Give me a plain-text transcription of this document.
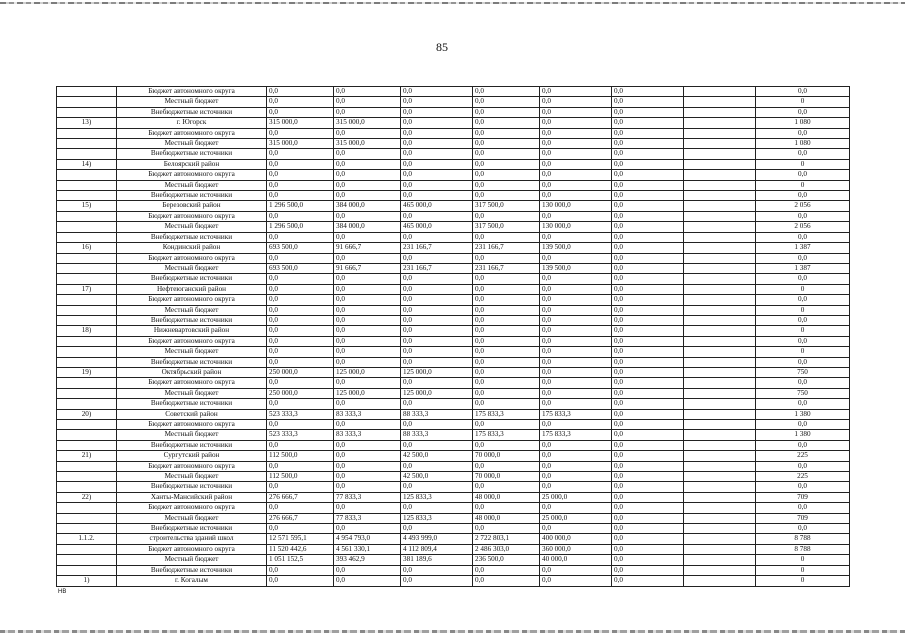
85
	Бюджет автономного округа	0,0	0,0	0,0	0,0	0,0	0,0		0,0
	Местный бюджет	0,0	0,0	0,0	0,0	0,0	0,0		0
	Внебюджетные источники	0,0	0,0	0,0	0,0	0,0	0,0		0,0
13)	г. Югорск	315 000,0	315 000,0	0,0	0,0	0,0	0,0		1 080
	Бюджет автономного округа	0,0	0,0	0,0	0,0	0,0	0,0		0,0
	Местный бюджет	315 000,0	315 000,0	0,0	0,0	0,0	0,0		1 080
	Внебюджетные источники	0,0	0,0	0,0	0,0	0,0	0,0		0,0
14)	Белоярский район	0,0	0,0	0,0	0,0	0,0	0,0		0
	Бюджет автономного округа	0,0	0,0	0,0	0,0	0,0	0,0		0,0
	Местный бюджет	0,0	0,0	0,0	0,0	0,0	0,0		0
	Внебюджетные источники	0,0	0,0	0,0	0,0	0,0	0,0		0,0
15)	Березовский район	1 296 500,0	384 000,0	465 000,0	317 500,0	130 000,0	0,0		2 056
	Бюджет автономного округа	0,0	0,0	0,0	0,0	0,0	0,0		0,0
	Местный бюджет	1 296 500,0	384 000,0	465 000,0	317 500,0	130 000,0	0,0		2 056
	Внебюджетные источники	0,0	0,0	0,0	0,0	0,0	0,0		0,0
16)	Кондинский район	693 500,0	91 666,7	231 166,7	231 166,7	139 500,0	0,0		1 387
	Бюджет автономного округа	0,0	0,0	0,0	0,0	0,0	0,0		0,0
	Местный бюджет	693 500,0	91 666,7	231 166,7	231 166,7	139 500,0	0,0		1 387
	Внебюджетные источники	0,0	0,0	0,0	0,0	0,0	0,0		0,0
17)	Нефтеюганский район	0,0	0,0	0,0	0,0	0,0	0,0		0
	Бюджет автономного округа	0,0	0,0	0,0	0,0	0,0	0,0		0,0
	Местный бюджет	0,0	0,0	0,0	0,0	0,0	0,0		0
	Внебюджетные источники	0,0	0,0	0,0	0,0	0,0	0,0		0,0
18)	Нижневартовский район	0,0	0,0	0,0	0,0	0,0	0,0		0
	Бюджет автономного округа	0,0	0,0	0,0	0,0	0,0	0,0		0,0
	Местный бюджет	0,0	0,0	0,0	0,0	0,0	0,0		0
	Внебюджетные источники	0,0	0,0	0,0	0,0	0,0	0,0		0,0
19)	Октябрьский район	250 000,0	125 000,0	125 000,0	0,0	0,0	0,0		750
	Бюджет автономного округа	0,0	0,0	0,0	0,0	0,0	0,0		0,0
	Местный бюджет	250 000,0	125 000,0	125 000,0	0,0	0,0	0,0		750
	Внебюджетные источники	0,0	0,0	0,0	0,0	0,0	0,0		0,0
20)	Советский район	523 333,3	83 333,3	88 333,3	175 833,3	175 833,3	0,0		1 380
	Бюджет автономного округа	0,0	0,0	0,0	0,0	0,0	0,0		0,0
	Местный бюджет	523 333,3	83 333,3	88 333,3	175 833,3	175 833,3	0,0		1 380
	Внебюджетные источники	0,0	0,0	0,0	0,0	0,0	0,0		0,0
21)	Сургутский район	112 500,0	0,0	42 500,0	70 000,0	0,0	0,0		225
	Бюджет автономного округа	0,0	0,0	0,0	0,0	0,0	0,0		0,0
	Местный бюджет	112 500,0	0,0	42 500,0	70 000,0	0,0	0,0		225
	Внебюджетные источники	0,0	0,0	0,0	0,0	0,0	0,0		0,0
22)	Ханты-Мансийский район	276 666,7	77 833,3	125 833,3	48 000,0	25 000,0	0,0		709
	Бюджет автономного округа	0,0	0,0	0,0	0,0	0,0	0,0		0,0
	Местный бюджет	276 666,7	77 833,3	125 833,3	48 000,0	25 000,0	0,0		709
	Внебюджетные источники	0,0	0,0	0,0	0,0	0,0	0,0		0,0
1.1.2.	строительства зданий школ	12 571 595,1	4 954 793,0	4 493 999,0	2 722 803,1	400 000,0	0,0		8 788
	Бюджет автономного округа	11 520 442,6	4 561 330,1	4 112 809,4	2 486 303,0	360 000,0	0,0		8 788
	Местный бюджет	1 051 152,5	393 462,9	381 189,6	236 500,0	40 000,0	0,0		0
	Внебюджетные источники	0,0	0,0	0,0	0,0	0,0	0,0		0
1)	г. Когалым	0,0	0,0	0,0	0,0	0,0	0,0		0
НВ
